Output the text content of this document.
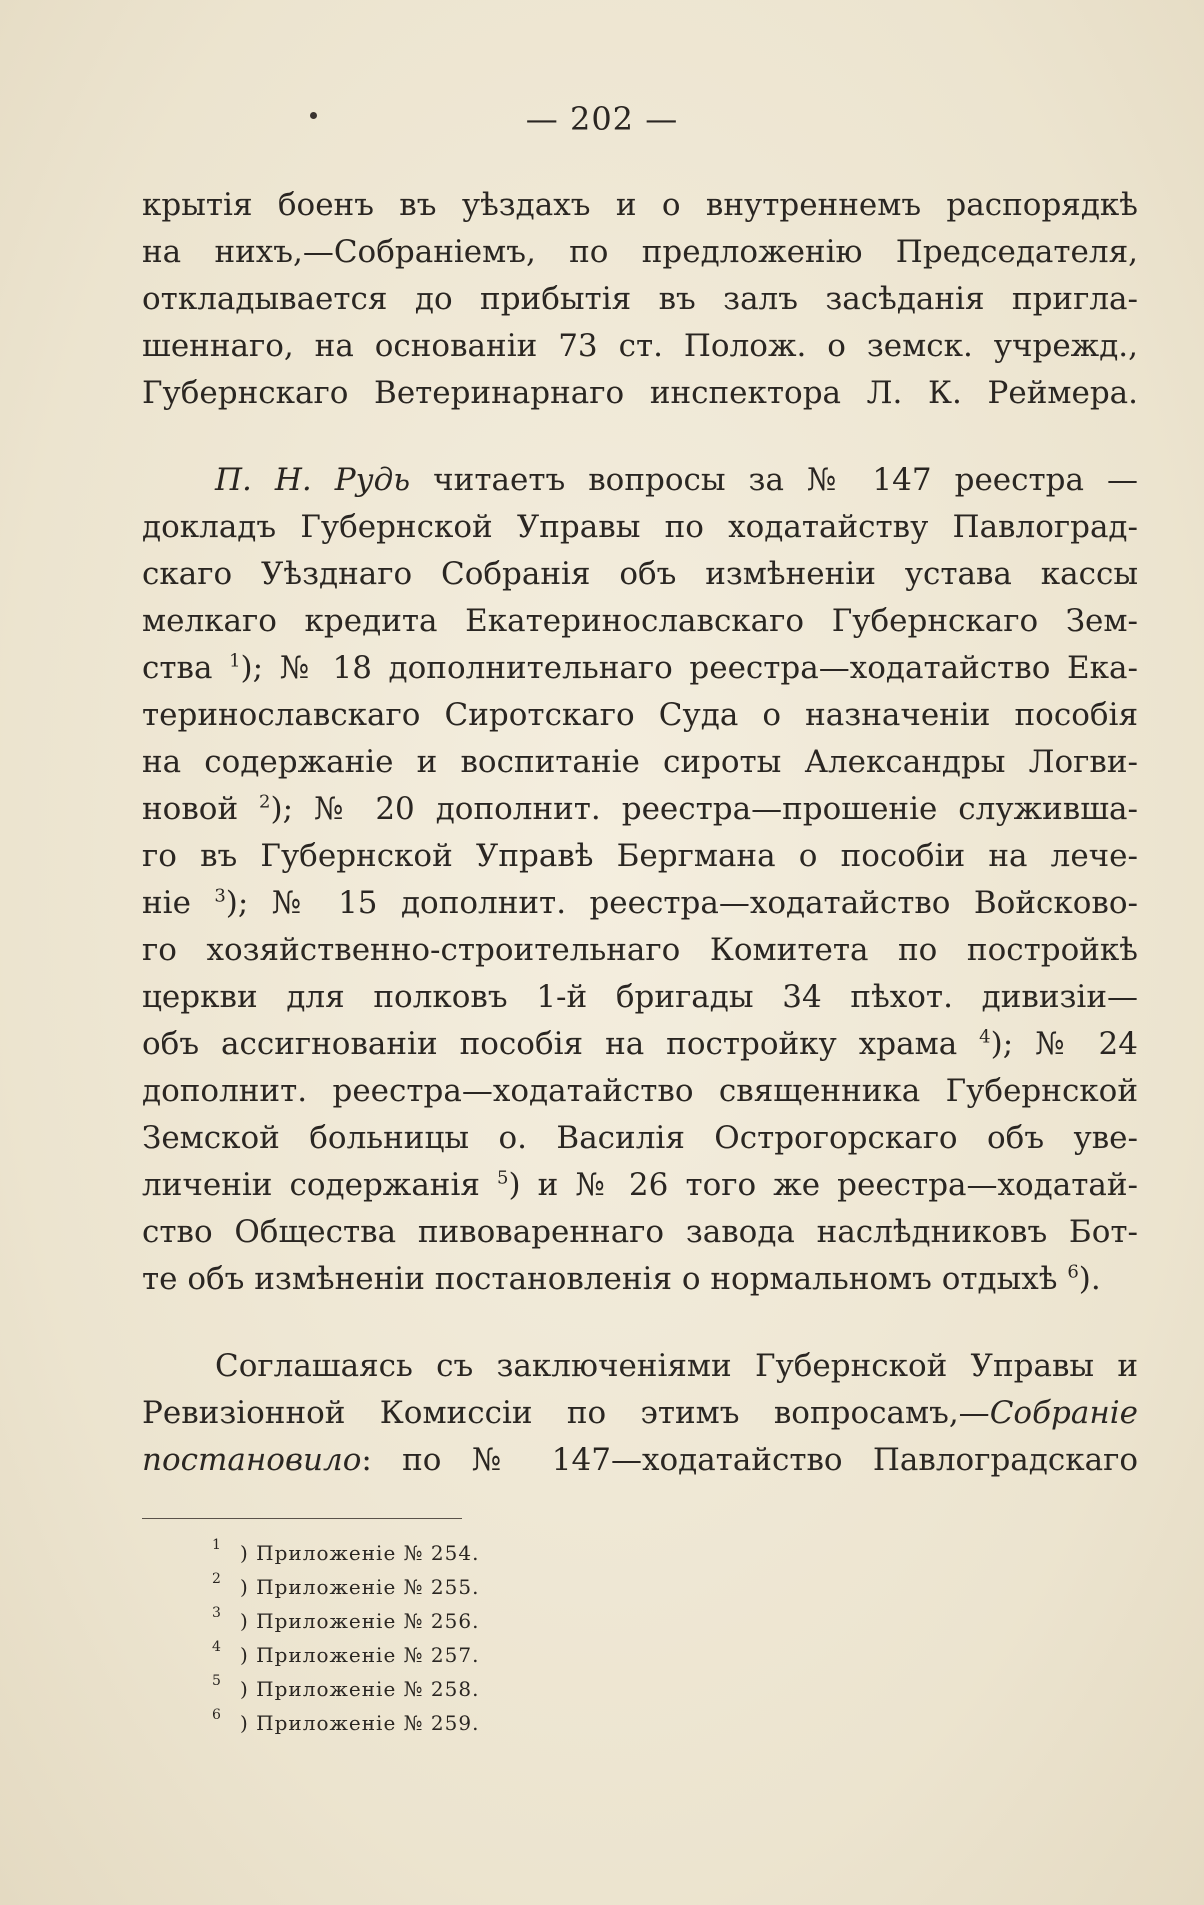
— 202 —
крытія боенъ въ уѣздахъ и о внутреннемъ распорядкѣ
на нихъ,—Собраніемъ, по предложенію Председателя,
откладывается до прибытія въ залъ засѣданія пригла-
шеннаго, на основаніи 73 ст. Полож. о земск. учрежд.,
Губернскаго Ветеринарнаго инспектора Л. К. Реймера.
П. Н. Рудь читаетъ вопросы за № 147 реестра —
докладъ Губернской Управы по ходатайству Павлоград-
скаго Уѣзднаго Собранія объ измѣненіи устава кассы
мелкаго кредита Екатеринославскаго Губернскаго Зем-
ства $^1$); № 18 дополнительнаго реестра—ходатайство Ека-
теринославскаго Сиротскаго Суда о назначеніи пособія
на содержаніе и воспитаніе сироты Александры Логви-
новой $^2$); № 20 дополнит. реестра—прошеніе служивша-
го въ Губернской Управѣ Бергмана о пособіи на лече-
ніе $^3$); № 15 дополнит. реестра—ходатайство Войсково-
го хозяйственно-строительнаго Комитета по постройкѣ
церкви для полковъ 1-й бригады 34 пѣхот. дивизіи—
объ ассигнованіи пособія на постройку храма $^4$); № 24
дополнит. реестра—ходатайство священника Губернской
Земской больницы о. Василія Острогорскаго объ уве-
личеніи содержанія $^5$) и № 26 того же реестра—ходатай-
ство Общества пивовареннаго завода наслѣдниковъ Бот-
те объ измѣненіи постановленія о нормальномъ отдыхѣ $^6$).
Соглашаясь съ заключеніями Губернской Управы и
Ревизіонной Комиссіи по этимъ вопросамъ,—Собраніе
постановило: по № 147—ходатайство Павлоградскаго
1 ) Приложеніе № 254.
2 ) Приложеніе № 255.
3 ) Приложеніе № 256.
4 ) Приложеніе № 257.
5 ) Приложеніе № 258.
6 ) Приложеніе № 259.
